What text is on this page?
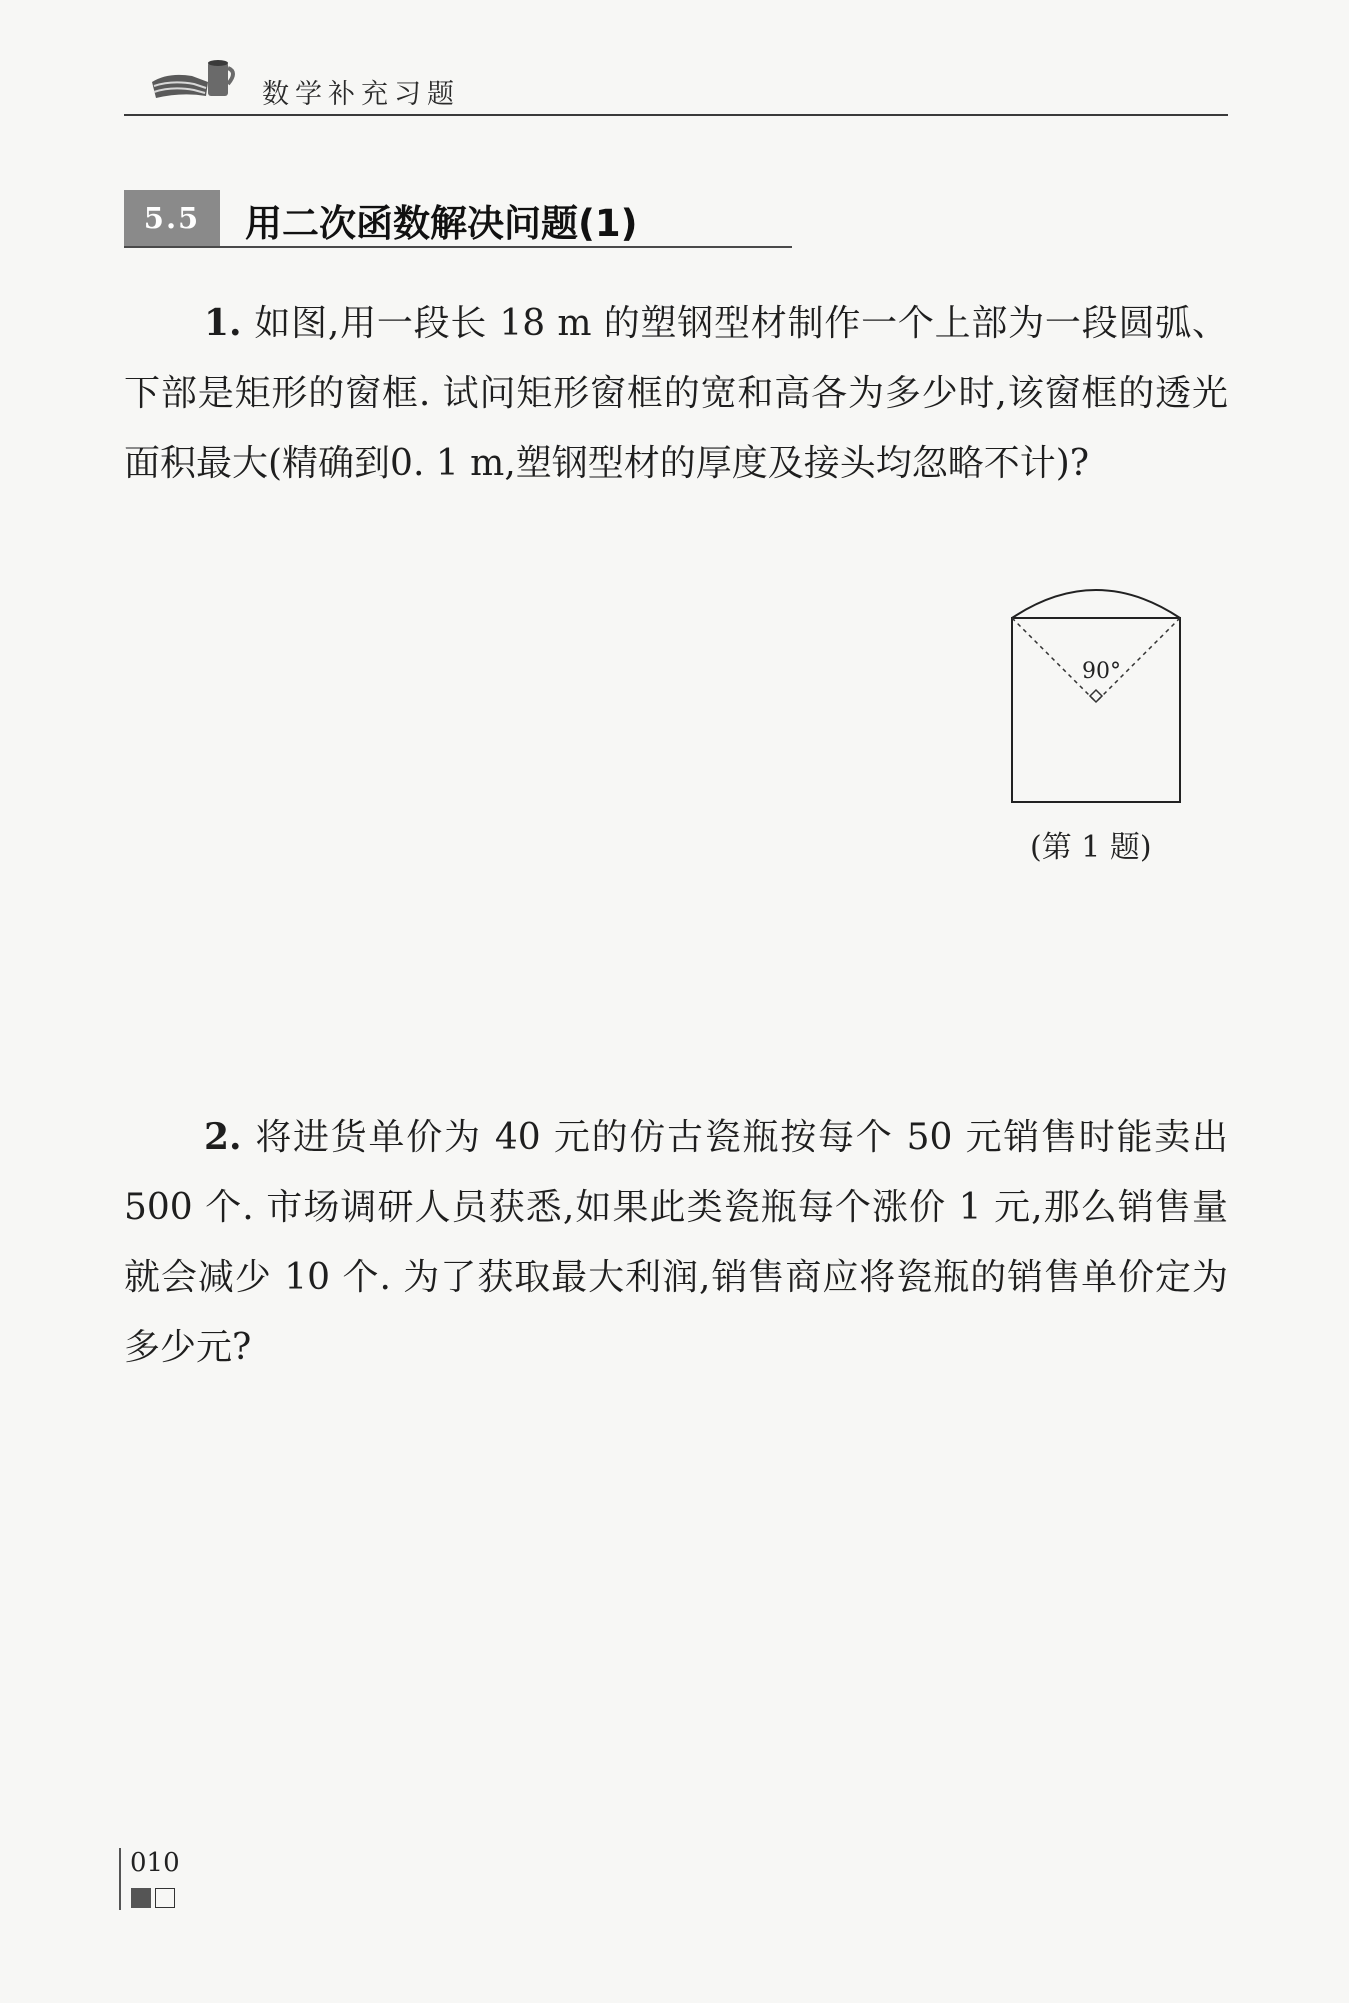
数学补充习题
5.5	用二次函数解决问题(1)

1. 如图,用一段长 18 m 的塑钢型材制作一个上部为一段圆弧、下部是矩形的窗框. 试问矩形窗框的宽和高各为多少时,该窗框的透光面积最大(精确到0. 1 m,塑钢型材的厚度及接头均忽略不计)?

90°
(第 1 题)

2. 将进货单价为 40 元的仿古瓷瓶按每个 50 元销售时能卖出 500 个. 市场调研人员获悉,如果此类瓷瓶每个涨价 1 元,那么销售量就会减少 10 个. 为了获取最大利润,销售商应将瓷瓶的销售单价定为多少元?

010
